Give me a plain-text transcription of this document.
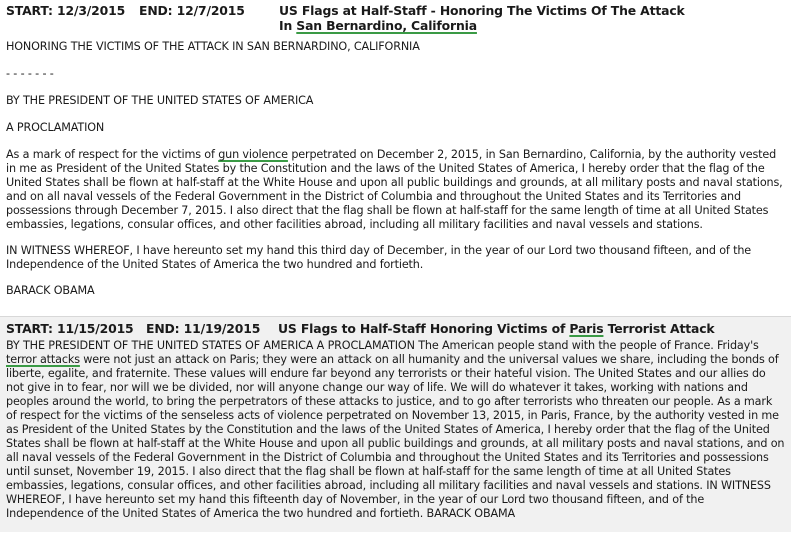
START: 12/3/2015 END: 12/7/2015	US Flags at Half-Staff - Honoring The Victims Of The Attack In San Bernardino, California

HONORING THE VICTIMS OF THE ATTACK IN SAN BERNARDINO, CALIFORNIA

- - - - - - -

BY THE PRESIDENT OF THE UNITED STATES OF AMERICA

A PROCLAMATION

As a mark of respect for the victims of gun violence perpetrated on December 2, 2015, in San Bernardino, California, by the authority vested in me as President of the United States by the Constitution and the laws of the United States of America, I hereby order that the flag of the United States shall be flown at half-staff at the White House and upon all public buildings and grounds, at all military posts and naval stations, and on all naval vessels of the Federal Government in the District of Columbia and throughout the United States and its Territories and possessions through December 7, 2015. I also direct that the flag shall be flown at half-staff for the same length of time at all United States embassies, legations, consular offices, and other facilities abroad, including all military facilities and naval vessels and stations.

IN WITNESS WHEREOF, I have hereunto set my hand this third day of December, in the year of our Lord two thousand fifteen, and of the Independence of the United States of America the two hundred and fortieth.

BARACK OBAMA

START: 11/15/2015 END: 11/19/2015 US Flags to Half-Staff Honoring Victims of Paris Terrorist Attack

BY THE PRESIDENT OF THE UNITED STATES OF AMERICA A PROCLAMATION The American people stand with the people of France. Friday's terror attacks were not just an attack on Paris; they were an attack on all humanity and the universal values we share, including the bonds of liberte, egalite, and fraternite. These values will endure far beyond any terrorists or their hateful vision. The United States and our allies do not give in to fear, nor will we be divided, nor will anyone change our way of life. We will do whatever it takes, working with nations and peoples around the world, to bring the perpetrators of these attacks to justice, and to go after terrorists who threaten our people. As a mark of respect for the victims of the senseless acts of violence perpetrated on November 13, 2015, in Paris, France, by the authority vested in me as President of the United States by the Constitution and the laws of the United States of America, I hereby order that the flag of the United States shall be flown at half-staff at the White House and upon all public buildings and grounds, at all military posts and naval stations, and on all naval vessels of the Federal Government in the District of Columbia and throughout the United States and its Territories and possessions until sunset, November 19, 2015. I also direct that the flag shall be flown at half-staff for the same length of time at all United States embassies, legations, consular offices, and other facilities abroad, including all military facilities and naval vessels and stations. IN WITNESS WHEREOF, I have hereunto set my hand this fifteenth day of November, in the year of our Lord two thousand fifteen, and of the Independence of the United States of America the two hundred and fortieth. BARACK OBAMA
